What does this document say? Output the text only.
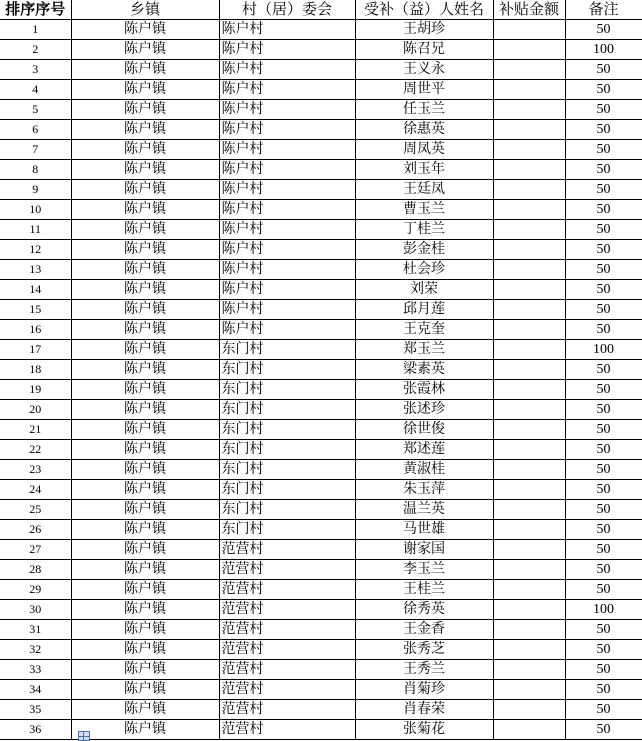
排序序号	乡镇	村（居）委会	受补（益）人姓名	补贴金额	备注
1	陈户镇	陈户村	王胡珍		50
2	陈户镇	陈户村	陈召兄		100
3	陈户镇	陈户村	王义永		50
4	陈户镇	陈户村	周世平		50
5	陈户镇	陈户村	任玉兰		50
6	陈户镇	陈户村	徐惠英		50
7	陈户镇	陈户村	周凤英		50
8	陈户镇	陈户村	刘玉年		50
9	陈户镇	陈户村	王廷凤		50
10	陈户镇	陈户村	曹玉兰		50
11	陈户镇	陈户村	丁桂兰		50
12	陈户镇	陈户村	彭金桂		50
13	陈户镇	陈户村	杜会珍		50
14	陈户镇	陈户村	刘荣		50
15	陈户镇	陈户村	邱月莲		50
16	陈户镇	陈户村	王克奎		50
17	陈户镇	东门村	郑玉兰		100
18	陈户镇	东门村	梁素英		50
19	陈户镇	东门村	张霞林		50
20	陈户镇	东门村	张述珍		50
21	陈户镇	东门村	徐世俊		50
22	陈户镇	东门村	郑述莲		50
23	陈户镇	东门村	黄淑桂		50
24	陈户镇	东门村	朱玉萍		50
25	陈户镇	东门村	温兰英		50
26	陈户镇	东门村	马世雄		50
27	陈户镇	范营村	谢家国		50
28	陈户镇	范营村	李玉兰		50
29	陈户镇	范营村	王桂兰		50
30	陈户镇	范营村	徐秀英		100
31	陈户镇	范营村	王金香		50
32	陈户镇	范营村	张秀芝		50
33	陈户镇	范营村	王秀兰		50
34	陈户镇	范营村	肖菊珍		50
35	陈户镇	范营村	肖春荣		50
36	陈户镇	范营村	张菊花		50
